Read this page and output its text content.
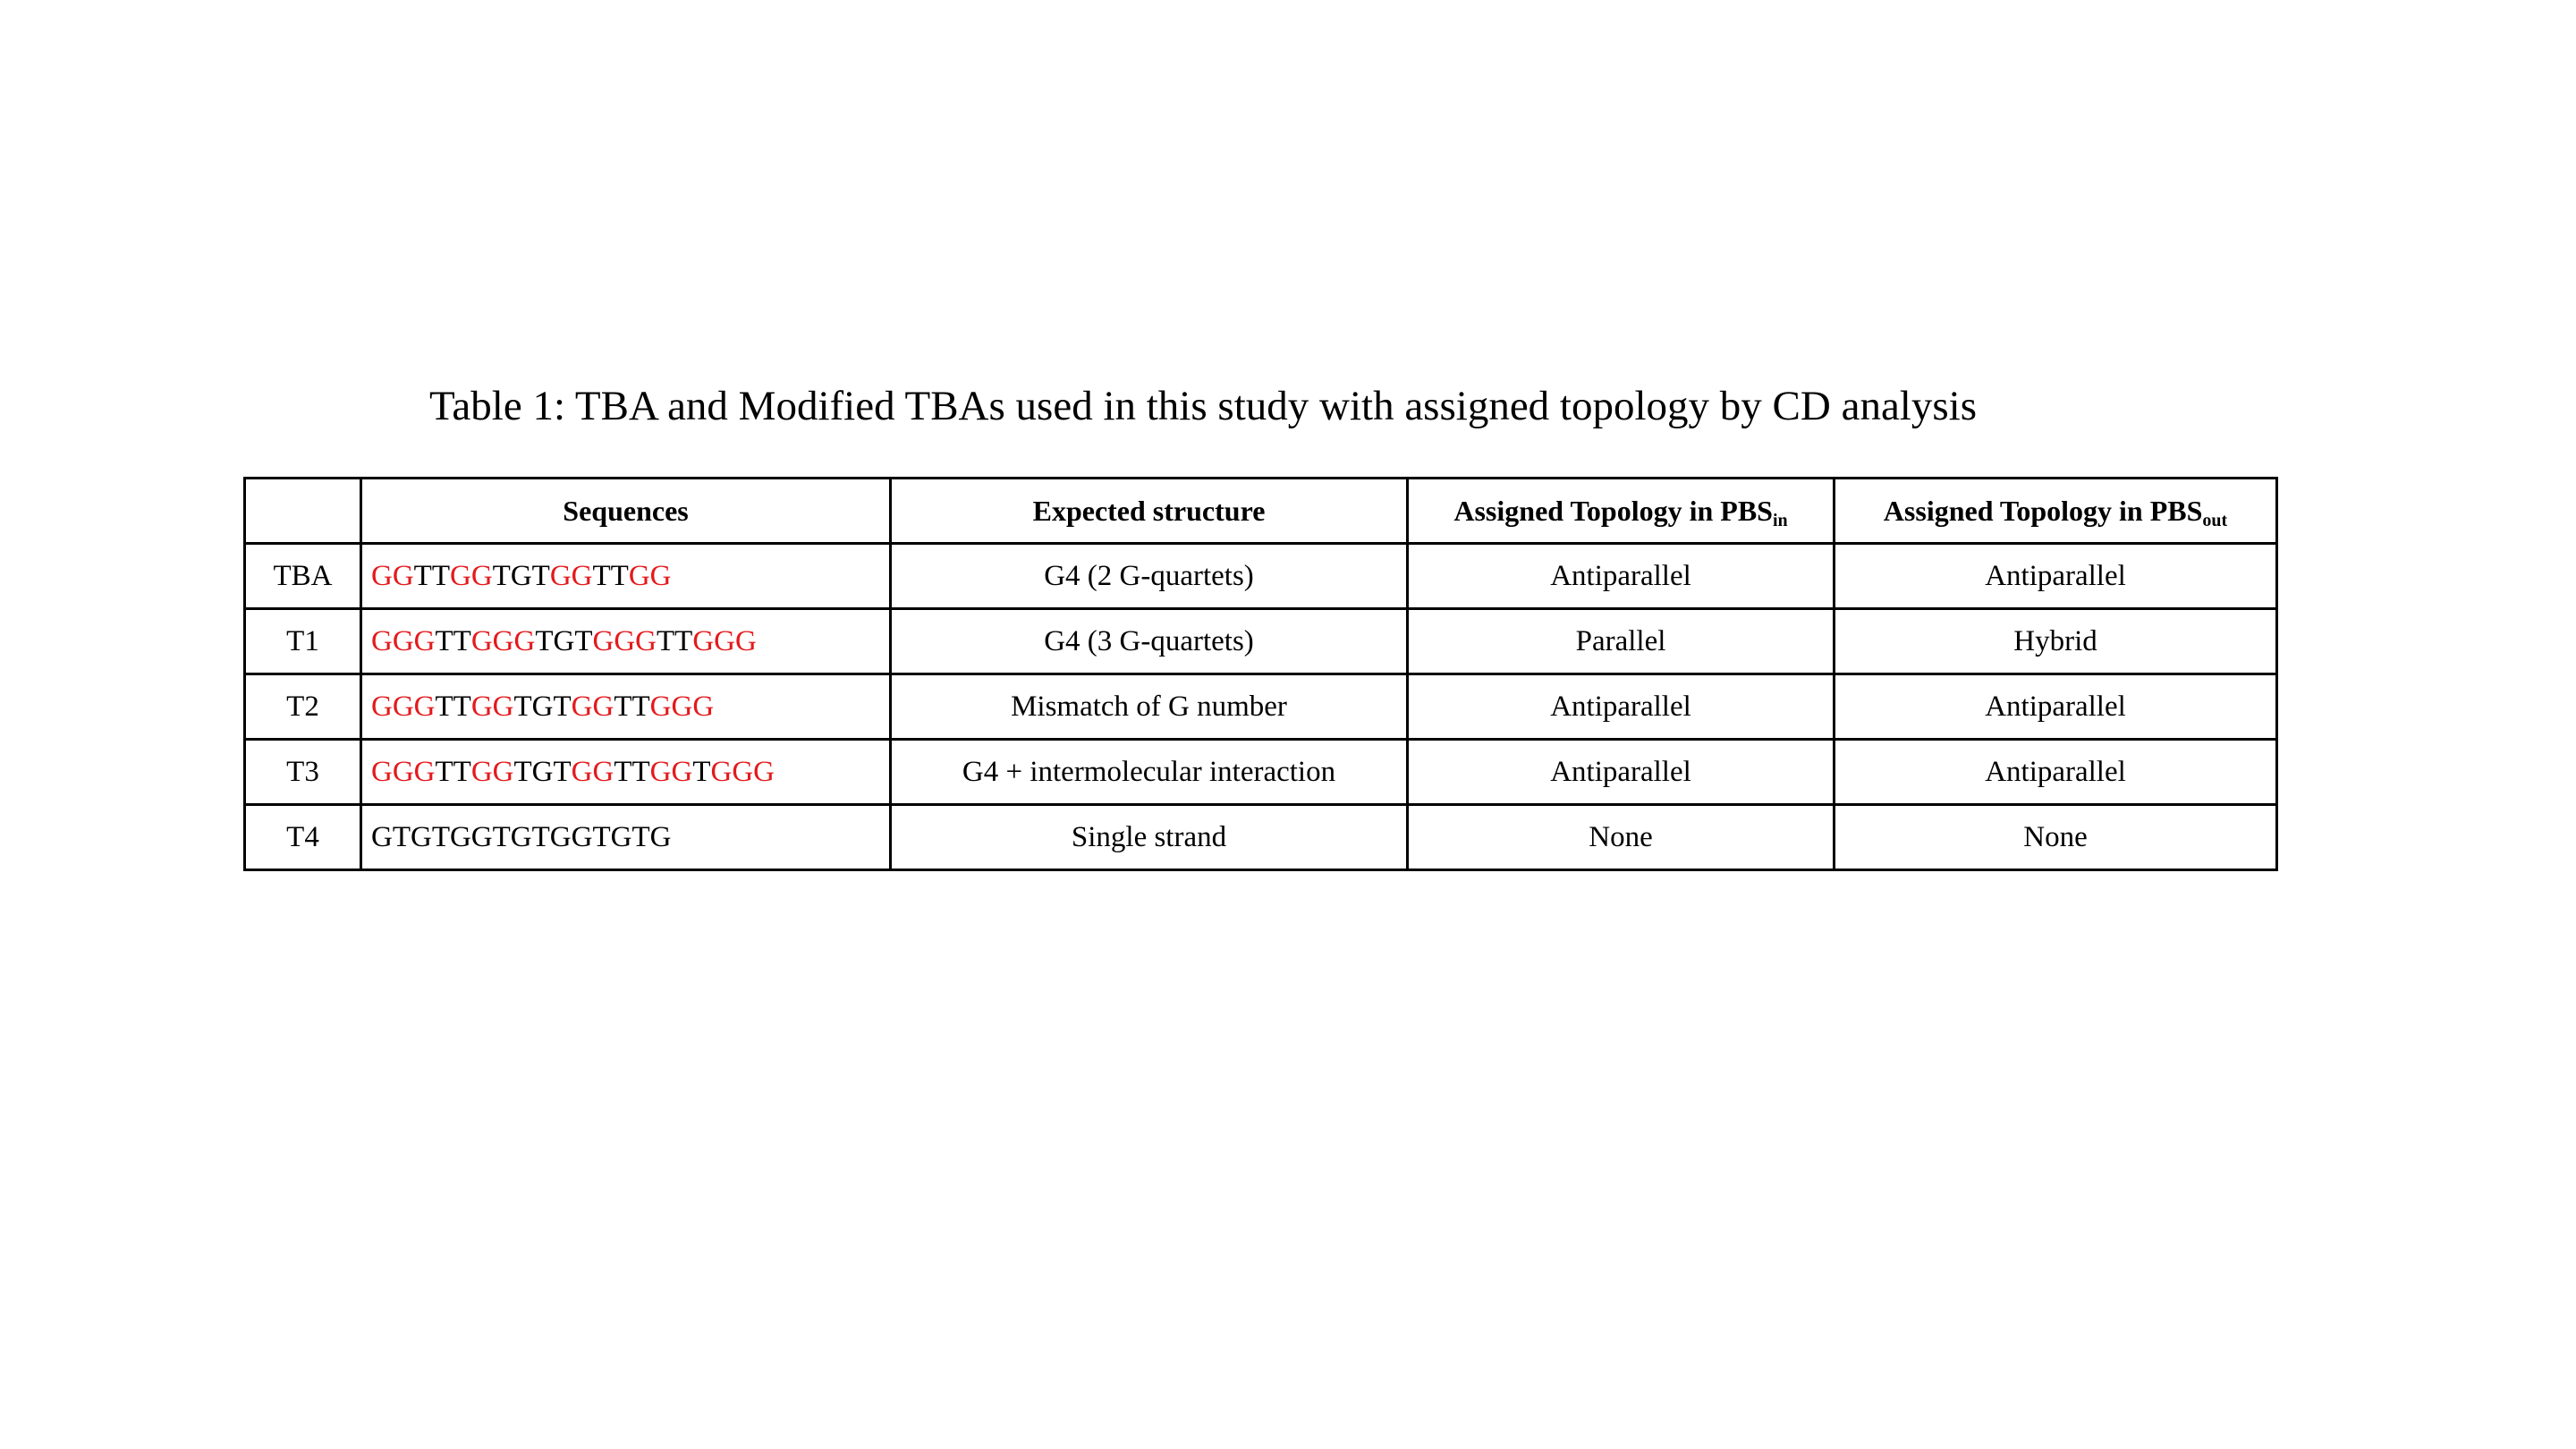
Table 1: TBA and Modified TBAs used in this study with assigned topology by CD analysis
	Sequences	Expected structure	Assigned Topology in $PBS_{in}$	Assigned Topology in $PBS_{out}$
TBA	GGTTGGTGTGGTTGG	G4 (2 G-quartets)	Antiparallel	Antiparallel
T1	GGGTTGGGTGTGGGTTGGG	G4 (3 G-quartets)	Parallel	Hybrid
T2	GGGTTGGTGTGGTTGGG	Mismatch of G number	Antiparallel	Antiparallel
T3	GGGTTGGTGTGGTTGGTGGG	G4 + intermolecular interaction	Antiparallel	Antiparallel
T4	GTGTGGTGTGGTGTG	Single strand	None	None
